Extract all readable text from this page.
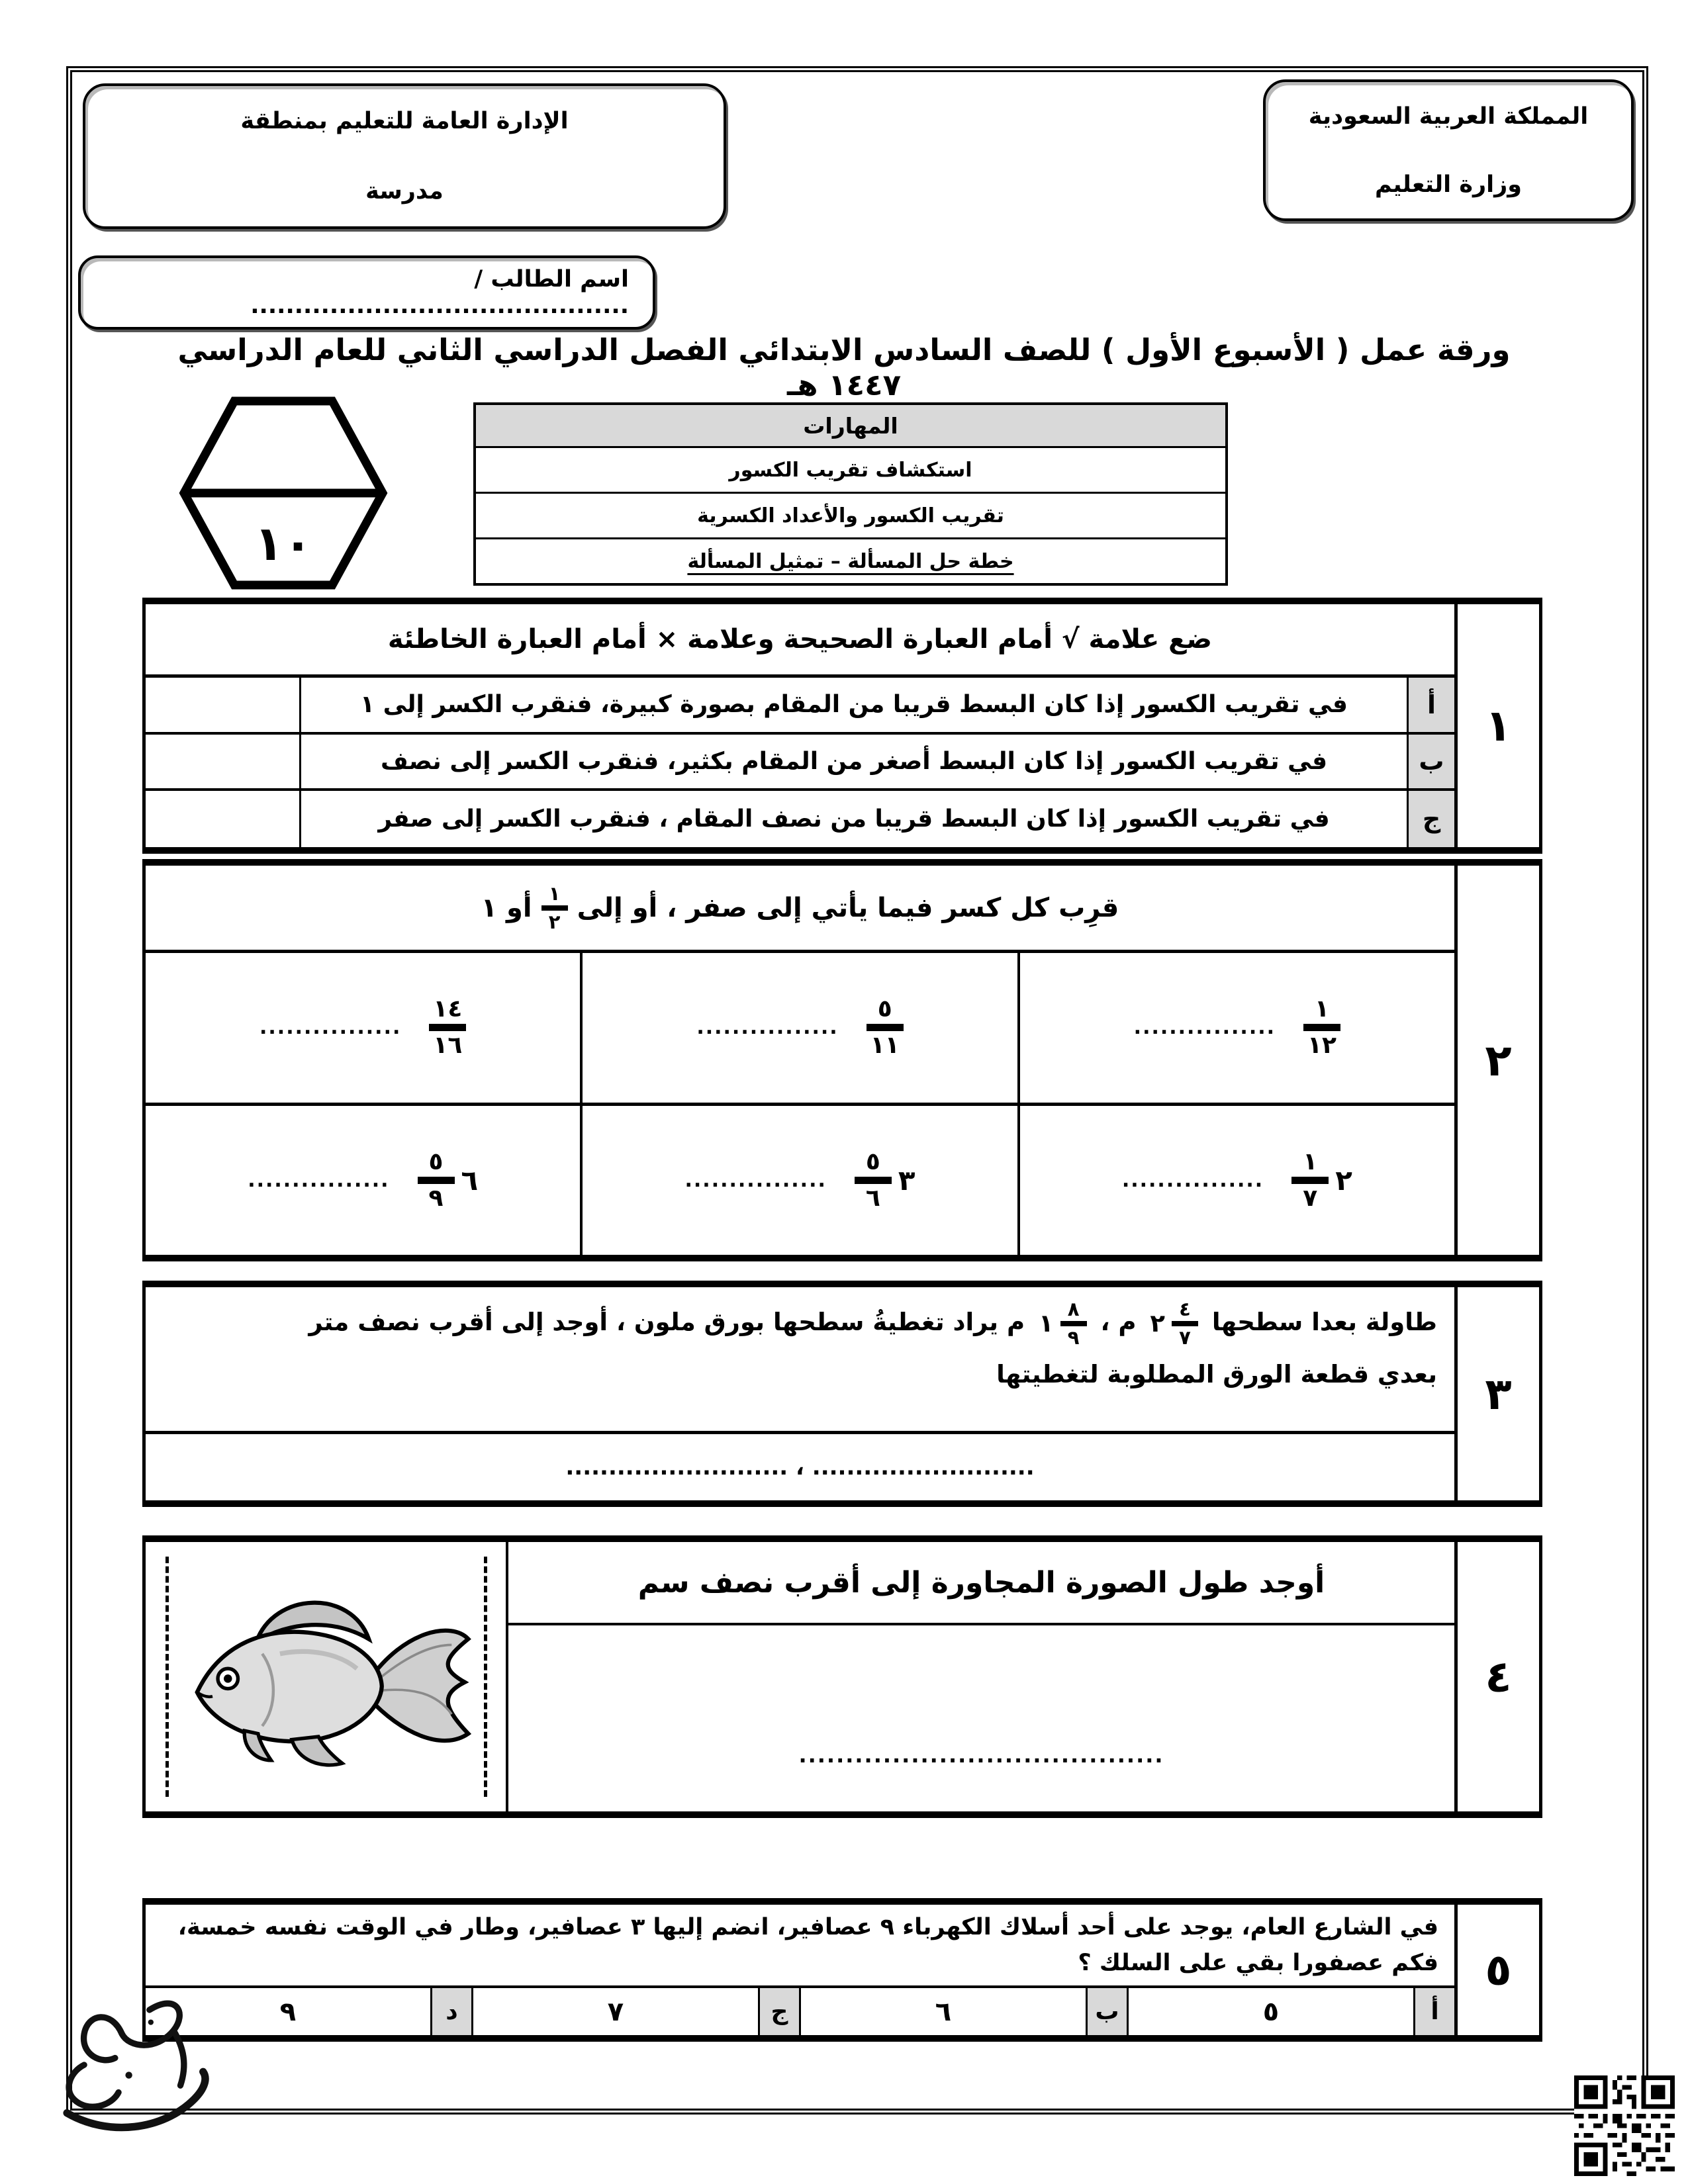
المملكة العربية السعودية
وزارة التعليم
الإدارة العامة للتعليم بمنطقة
مدرسة
اسم الطالب / ...........................................
ورقة عمل ( الأسبوع الأول ) للصف السادس الابتدائي الفصل الدراسي الثاني للعام الدراسي ١٤٤٧ هـ
١٠
المهارات
استكشاف تقريب الكسور
تقريب الكسور والأعداد الكسرية
خطة حل المسألة – تمثيل المسألة
١
ضع علامة √ أمام العبارة الصحيحة وعلامة × أمام العبارة الخاطئة
أ
في تقريب الكسور إذا كان البسط قريبا من المقام بصورة كبيرة، فنقرب الكسر إلى ١
ب
في تقريب الكسور إذا كان البسط أصغر من المقام بكثير، فنقرب الكسر إلى نصف
ج
في تقريب الكسور إذا كان البسط قريبا من نصف المقام ، فنقرب الكسر إلى صفر
٢
قرِب كل كسر فيما يأتي إلى صفر ، أو إلى
١
٢
أو ١
١
١٢
................
٥
١١
................
١٤
١٦
................
٢
١
٧
................
٣
٥
٦
................
٦
٥
٩
................
٣
طاولة بعدا سطحها
٤
٧
٢
م ،
٨
٩
١
م يراد تغطيةُ سطحها بورق ملون ، أوجد إلى أقرب نصف متر
بعدي قطعة الورق المطلوبة لتغطيتها
.......................... ، ..........................
٤
أوجد طول الصورة المجاورة إلى أقرب نصف سم
.......................................
٥
في الشارع العام، يوجد على أحد أسلاك الكهرباء ٩ عصافير، انضم إليها ٣ عصافير، وطار في الوقت نفسه خمسة، فكم عصفورا بقي على السلك ؟
أ
٥
ب
٦
ج
٧
د
٩
